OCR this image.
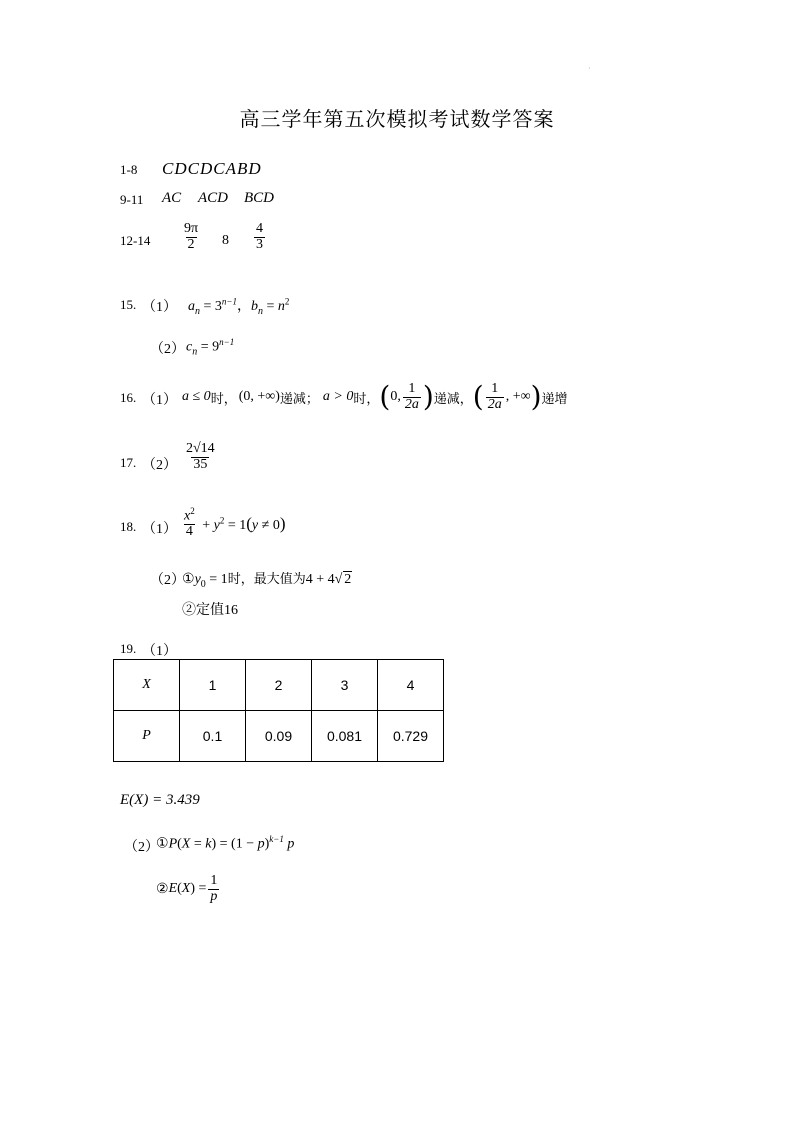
·
高三学年第五次模拟考试数学答案
1-8 CDCDCABD
9-11 AC ACD BCD
$12-14 \frac{9\pi}{2} 8 \frac{4}{3}$
15. （1） $a_n = 3^{n-1}$，$b_n = n^2$
（2） $c_n = 9^{n-1}$
16. （1） a ≤ 0 时， (0, +∞) 递减； a > 0 时， ( 0, $\frac{1}{2a}$ ) 递减， ( $\frac{1}{2a}$ , +∞ ) 递增
17. $(2) \frac{2√14}{35}$
18. $(1) \frac{x^2}{4} + y^2 = 1(y \ne 0)$
（2）
$①y_0 = 1$时，最大值为4 + 4√ 2
②定值16
19. （1）
X	1	2	3	4
P	0.1	0.09	0.081	0.729
E(X) = 3.439
（2）
①P(X = $k) = (1 - p)^{k-1}$ p
② E ( X ) = $\frac{1}{p}$
